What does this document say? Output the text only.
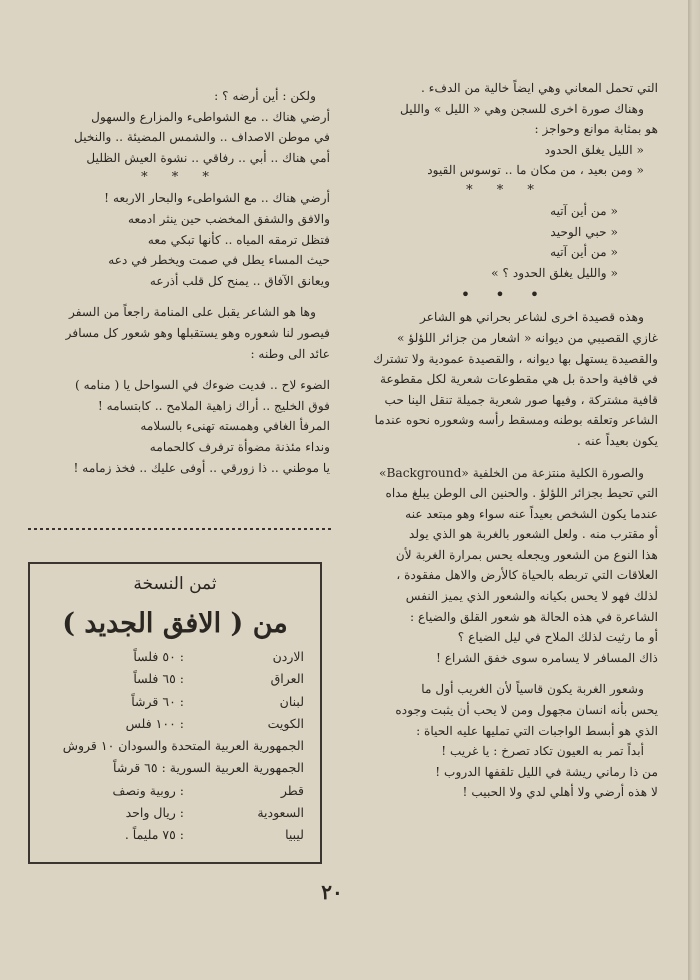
التي تحمل المعاني وهي ايضاً خالية من الدفء .

وهناك صورة اخرى للسجن وهي « الليل » والليل

هو بمثابة موانع وحواجز :

« الليل يغلق الحدود

« ومن بعيد ، من مكان ما .. توسوس القيود

* * *

« من أين آتيه

« حبي الوحيد

« من أين آتيه

« والليل يغلق الحدود ؟ »

• • •

وهذه قصيدة اخرى لشاعر بحراني هو الشاعر

غازي القصيبي من ديوانه « اشعار من جزائر اللؤلؤ »

والقصيدة يستهل بها ديوانه ، والقصيدة عمودية ولا تشترك

في قافية واحدة بل هي مقطوعات شعرية لكل مقطوعة

قافية مشتركة ، وفيها صور شعرية جميلة تنقل الينا حب

الشاعر وتعلقه بوطنه ومسقط رأسه وشعوره نحوه عندما

يكون بعيداً عنه .

والصورة الكلية منتزعة من الخلفية «Background»

التي تحيط بجزائر اللؤلؤ . والحنين الى الوطن يبلغ مداه

عندما يكون الشخص بعيداً عنه سواء وهو مبتعد عنه

أو مقترب منه . ولعل الشعور بالغربة هو الذي يولد

هذا النوع من الشعور ويجعله يحس بمرارة الغربة لأن

العلاقات التي تربطه بالحياة كالأرض والاهل مفقودة ،

لذلك فهو لا يحس بكيانه والشعور الذي يميز النفس

الشاعرة في هذه الحالة هو شعور القلق والضياع :

أو ما رثيت لذلك الملاح في ليل الضياع ؟

ذاك المسافر لا يسامره سوى خفق الشراع !

وشعور الغربة يكون قاسياً لأن الغريب أول ما

يحس بأنه انسان مجهول ومن لا يحب أن يثبت وجوده

الذي هو أبسط الواجبات التي تمليها عليه الحياة :

أبداً تمر به العيون تكاد تصرخ : يا غريب !

من ذا رماني ريشة في الليل تلقفها الدروب !

لا هذه أرضي ولا أهلي لدي ولا الحبيب !

ولكن : أين أرضه ؟ :

أرضي هناك .. مع الشواطىء والمزارع والسهول

في موطن الاصداف .. والشمس المضيئة .. والنخيل

أمي هناك .. أبي .. رفاقي .. نشوة العيش الظليل

* * *

أرضي هناك .. مع الشواطىء والبحار الاربعه !

والافق والشفق المخضب حين ينثر ادمعه

فتظل ترمقه المياه .. كأنها تبكي معه

حيث المساء يطل في صمت ويخطر في دعه

ويعانق الآفاق .. يمنح كل قلب أذرعه

وها هو الشاعر يقبل على المنامة راجعاً من السفر

فيصور لنا شعوره وهو يستقبلها وهو شعور كل مسافر

عائد الى وطنه :

الضوء لاح .. فديت ضوءك في السواحل يا ( منامه )

فوق الخليج .. أراك زاهية الملامح .. كابتسامه !

المرفأ الغافي وهمسته تهنىء بالسلامه

ونداء مئذنة مضوأة ترفرف كالحمامه

يا موطني .. ذا زورقي .. أوفى عليك .. فخذ زمامه !

ثمن النسخة
من ( الافق الجديد )
الاردن
: ٥٠ فلساً
العراق
: ٦٥ فلساً
لبنان
: ٦٠ قرشاً
الكويت
: ١٠٠ فلس
الجمهورية العربية المتحدة والسودان ١٠ قروش
الجمهورية العربية السورية : ٦٥ قرشاً
قطر
: روبية ونصف
السعودية
: ريال واحد
ليبيا
: ٧٥ مليماً .
٢٠
